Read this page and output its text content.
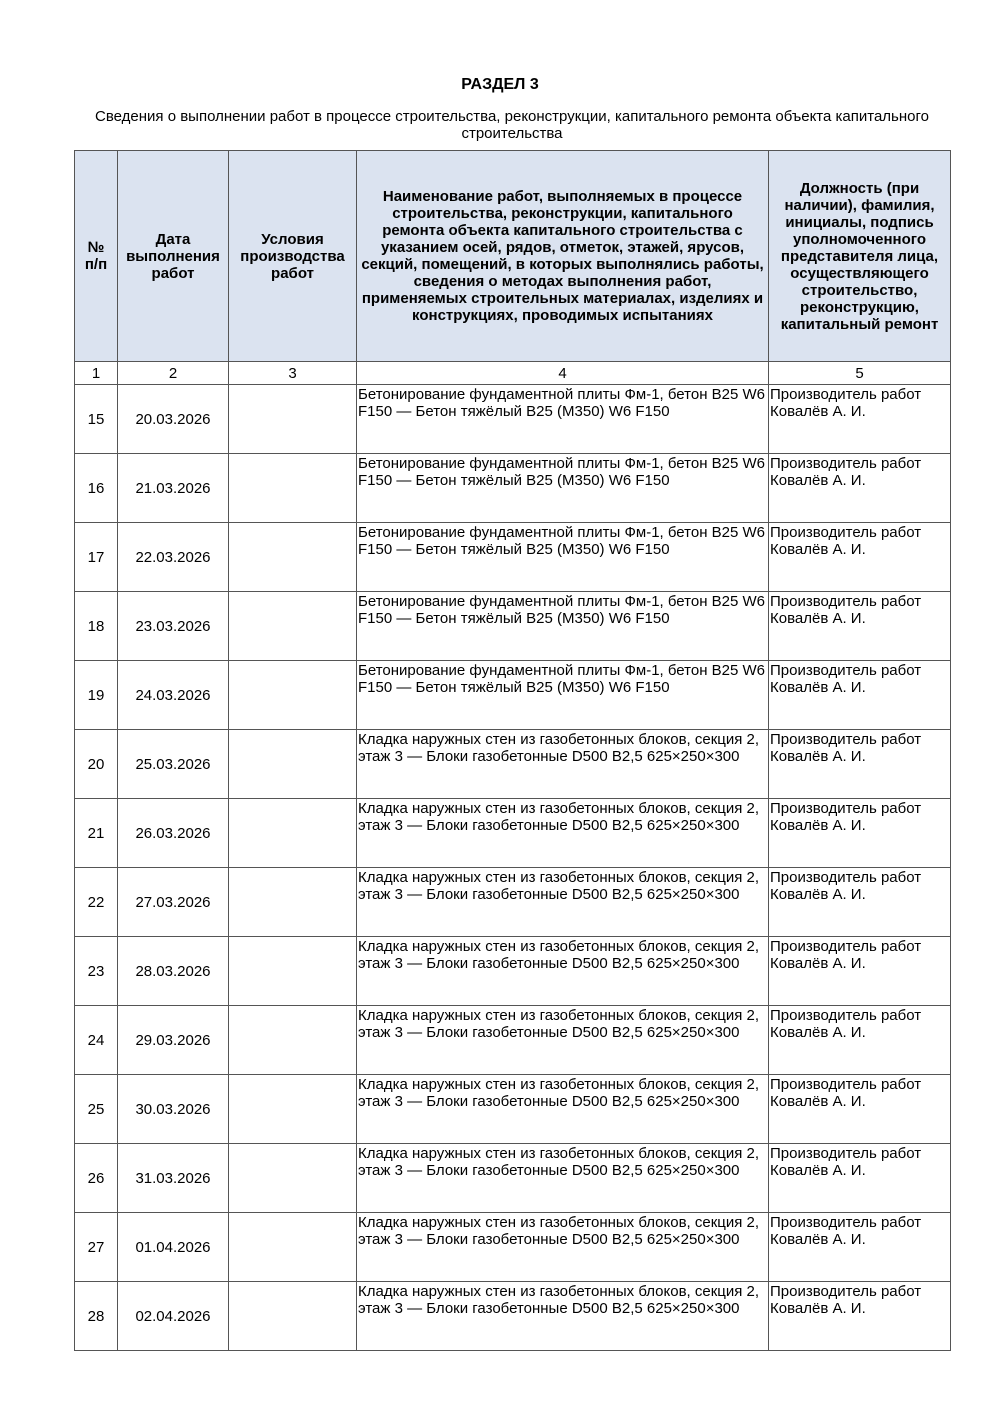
РАЗДЕЛ 3
Сведения о выполнении работ в процессе строительства, реконструкции, капитального ремонта объекта капитального строительства
№ п/п	Дата выполнения работ	Условия производства работ	Наименование работ, выполняемых в процессе строительства, реконструкции, капитального ремонта объекта капитального строительства с указанием осей, рядов, отметок, этажей, ярусов, секций, помещений, в которых выполнялись работы, сведения о методах выполнения работ, применяемых строительных материалах, изделиях и конструкциях, проводимых испытаниях	Должность (при наличии), фамилия, инициалы, подпись уполномоченного представителя лица, осуществляющего строительство, реконструкцию, капитальный ремонт
1	2	3	4	5
15	20.03.2026		Бетонирование фундаментной плиты Фм-1, бетон B25 W6 F150 — Бетон тяжёлый B25 (М350) W6 F150	Производитель работ Ковалёв А. И.
16	21.03.2026		Бетонирование фундаментной плиты Фм-1, бетон B25 W6 F150 — Бетон тяжёлый B25 (М350) W6 F150	Производитель работ Ковалёв А. И.
17	22.03.2026		Бетонирование фундаментной плиты Фм-1, бетон B25 W6 F150 — Бетон тяжёлый B25 (М350) W6 F150	Производитель работ Ковалёв А. И.
18	23.03.2026		Бетонирование фундаментной плиты Фм-1, бетон B25 W6 F150 — Бетон тяжёлый B25 (М350) W6 F150	Производитель работ Ковалёв А. И.
19	24.03.2026		Бетонирование фундаментной плиты Фм-1, бетон B25 W6 F150 — Бетон тяжёлый B25 (М350) W6 F150	Производитель работ Ковалёв А. И.
20	25.03.2026		Кладка наружных стен из газобетонных блоков, секция 2, этаж 3 — Блоки газобетонные D500 B2,5 625×250×300	Производитель работ Ковалёв А. И.
21	26.03.2026		Кладка наружных стен из газобетонных блоков, секция 2, этаж 3 — Блоки газобетонные D500 B2,5 625×250×300	Производитель работ Ковалёв А. И.
22	27.03.2026		Кладка наружных стен из газобетонных блоков, секция 2, этаж 3 — Блоки газобетонные D500 B2,5 625×250×300	Производитель работ Ковалёв А. И.
23	28.03.2026		Кладка наружных стен из газобетонных блоков, секция 2, этаж 3 — Блоки газобетонные D500 B2,5 625×250×300	Производитель работ Ковалёв А. И.
24	29.03.2026		Кладка наружных стен из газобетонных блоков, секция 2, этаж 3 — Блоки газобетонные D500 B2,5 625×250×300	Производитель работ Ковалёв А. И.
25	30.03.2026		Кладка наружных стен из газобетонных блоков, секция 2, этаж 3 — Блоки газобетонные D500 B2,5 625×250×300	Производитель работ Ковалёв А. И.
26	31.03.2026		Кладка наружных стен из газобетонных блоков, секция 2, этаж 3 — Блоки газобетонные D500 B2,5 625×250×300	Производитель работ Ковалёв А. И.
27	01.04.2026		Кладка наружных стен из газобетонных блоков, секция 2, этаж 3 — Блоки газобетонные D500 B2,5 625×250×300	Производитель работ Ковалёв А. И.
28	02.04.2026		Кладка наружных стен из газобетонных блоков, секция 2, этаж 3 — Блоки газобетонные D500 B2,5 625×250×300	Производитель работ Ковалёв А. И.
